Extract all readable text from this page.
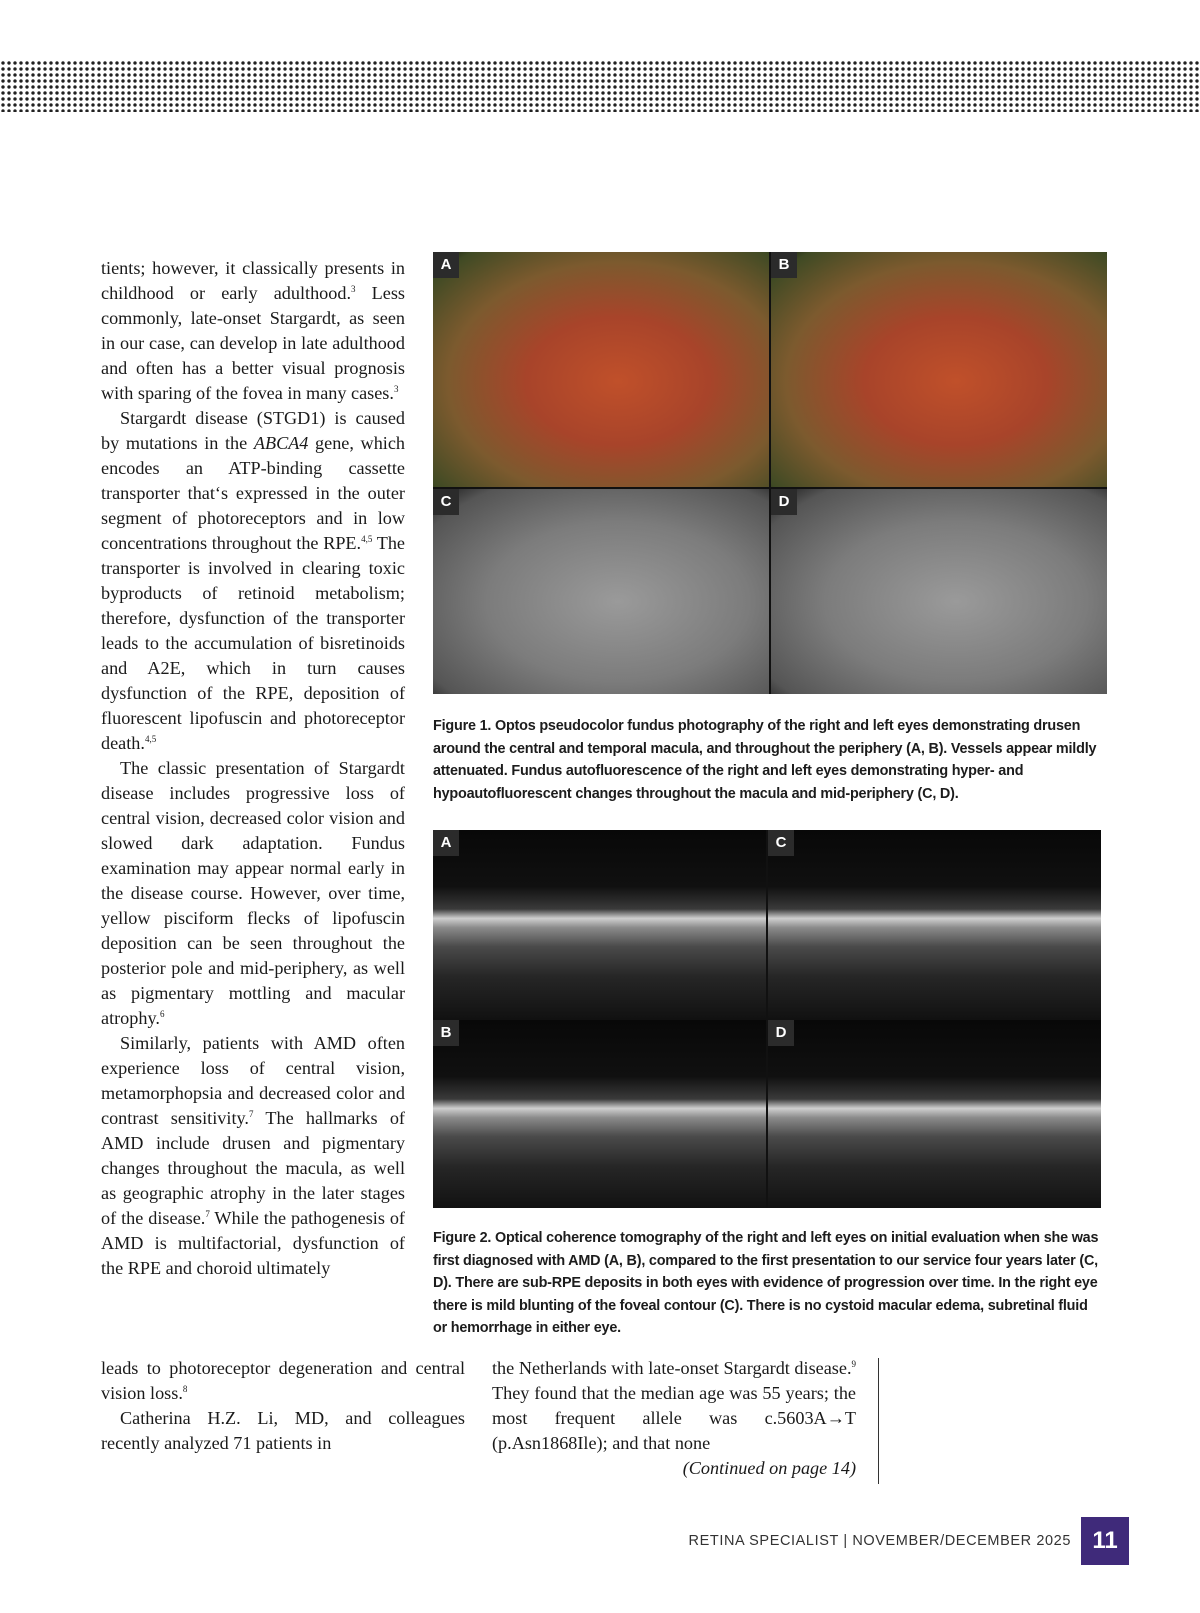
tients; however, it classically presents in childhood or early adulthood.$^3$ Less commonly, late-onset Stargardt, as seen in our case, can develop in late adulthood and often has a better visual prognosis with sparing of the fovea in many cases.$^3$

Stargardt disease (STGD1) is caused by mutations in the ABCA4 gene, which encodes an ATP-binding cassette transporter that‘s expressed in the outer segment of photoreceptors and in low concentrations throughout the RPE.$^{4,5}$ The transporter is involved in clearing toxic byproducts of retinoid metabolism; therefore, dysfunction of the transporter leads to the accumulation of bisretinoids and A2E, which in turn causes dysfunction of the RPE, deposition of fluorescent lipofuscin and photoreceptor death.$^{4,5}$

The classic presentation of Stargardt disease includes progressive loss of central vision, decreased color vision and slowed dark adaptation. Fundus examination may appear normal early in the disease course. However, over time, yellow pisciform flecks of lipofuscin deposition can be seen throughout the posterior pole and mid-periphery, as well as pigmentary mottling and macular atrophy.$^6$

Similarly, patients with AMD often experience loss of central vision, metamorphopsia and decreased color and contrast sensitivity.$^7$ The hallmarks of AMD include drusen and pigmentary changes throughout the macula, as well as geographic atrophy in the later stages of the disease.$^7$ While the pathogenesis of AMD is multifactorial, dysfunction of the RPE and choroid ultimately

leads to photoreceptor degeneration and central vision loss.$^8$

Catherina H.Z. Li, MD, and colleagues recently analyzed 71 patients in

the Netherlands with late-onset Stargardt disease.$^9$ They found that the median age was 55 years; the most frequent allele was c.5603A→T (p.Asn1868Ile); and that none

(Continued on page 14)

A	B
C	D
Figure 1. Optos pseudocolor fundus photography of the right and left eyes demonstrating drusen around the central and temporal macula, and throughout the periphery (A, B). Vessels appear mildly attenuated. Fundus autofluorescence of the right and left eyes demonstrating hyper- and hypoautofluorescent changes throughout the macula and mid-periphery (C, D).
A	C
B	D
Figure 2. Optical coherence tomography of the right and left eyes on initial evaluation when she was first diagnosed with AMD (A, B), compared to the first presentation to our service four years later (C, D). There are sub-RPE deposits in both eyes with evidence of progression over time. In the right eye there is mild blunting of the foveal contour (C). There is no cystoid macular edema, subretinal fluid or hemorrhage in either eye.
RETINA SPECIALIST | NOVEMBER/DECEMBER 2025 11
